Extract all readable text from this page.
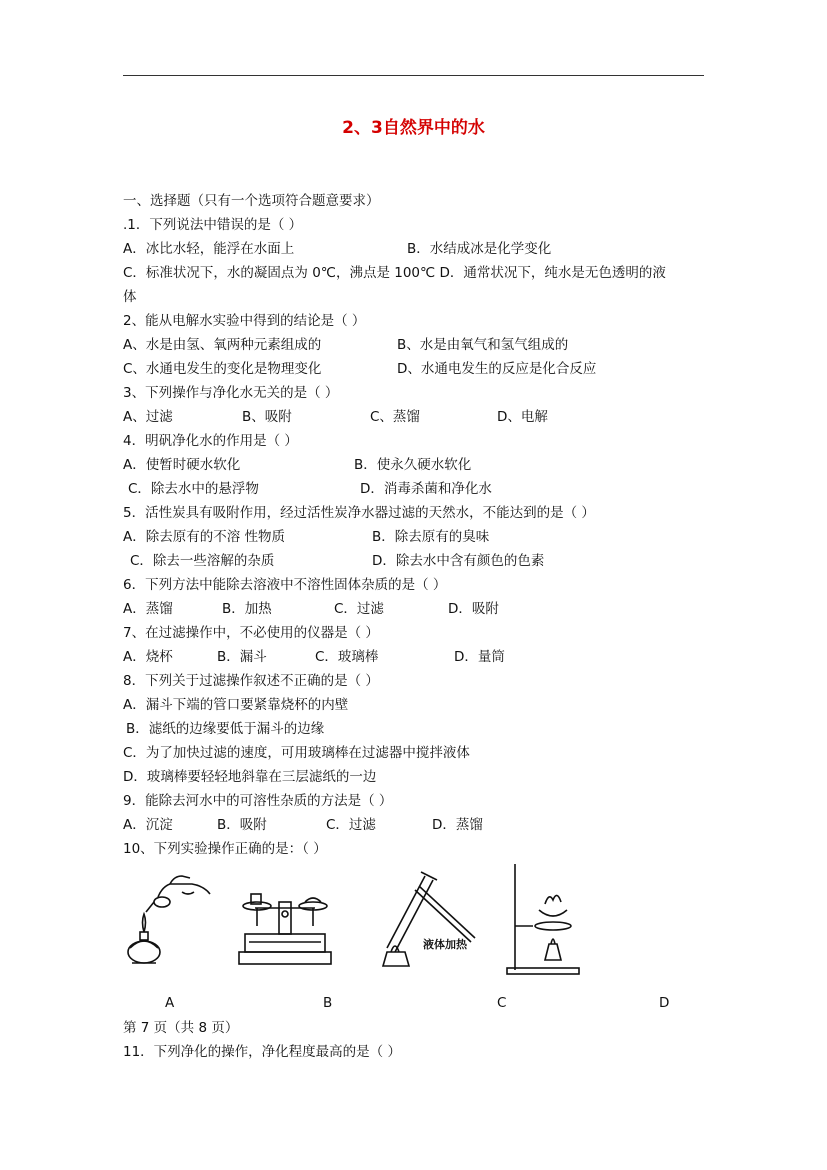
2、3自然界中的水
一、选择题（只有一个选项符合题意要求）
.1．下列说法中错误的是（ ）
A．冰比水轻，能浮在水面上	B．水结成冰是化学变化
C．标准状况下，水的凝固点为 0℃，沸点是 100℃ D．通常状况下，纯水是无色透明的液
体
2、能从电解水实验中得到的结论是（ ）
A、水是由氢、氧两种元素组成的	B、水是由氧气和氢气组成的
C、水通电发生的变化是物理变化	D、水通电发生的反应是化合反应
3、下列操作与净化水无关的是（ ）
A、过滤	B、吸附	C、蒸馏	D、电解
4．明矾净化水的作用是（ ）
A．使暂时硬水软化	B．使永久硬水软化
C．除去水中的悬浮物	D．消毒杀菌和净化水
5．活性炭具有吸附作用，经过活性炭净水器过滤的天然水，不能达到的是（ ）
A．除去原有的不溶 性物质	B．除去原有的臭味
C．除去一些溶解的杂质	D．除去水中含有颜色的色素
6．下列方法中能除去溶液中不溶性固体杂质的是（ ）
A．蒸馏	B．加热	C．过滤	D．吸附
7、在过滤操作中，不必使用的仪器是（ ）
A．烧杯	B．漏斗	C．玻璃棒	D．量筒
8．下列关于过滤操作叙述不正确的是（ ）
A．漏斗下端的管口要紧靠烧杯的内壁
B．滤纸的边缘要低于漏斗的边缘
C．为了加快过滤的速度，可用玻璃棒在过滤器中搅拌液体
D．玻璃棒要轻轻地斜靠在三层滤纸的一边
9．能除去河水中的可溶性杂质的方法是（ ）
A．沉淀	B．吸附	C．过滤	D．蒸馏
10、下列实验操作正确的是：（ ）
液体加热
A	B	C	D
第 7 页（共 8 页）
11．下列净化的操作，净化程度最高的是（ ）
